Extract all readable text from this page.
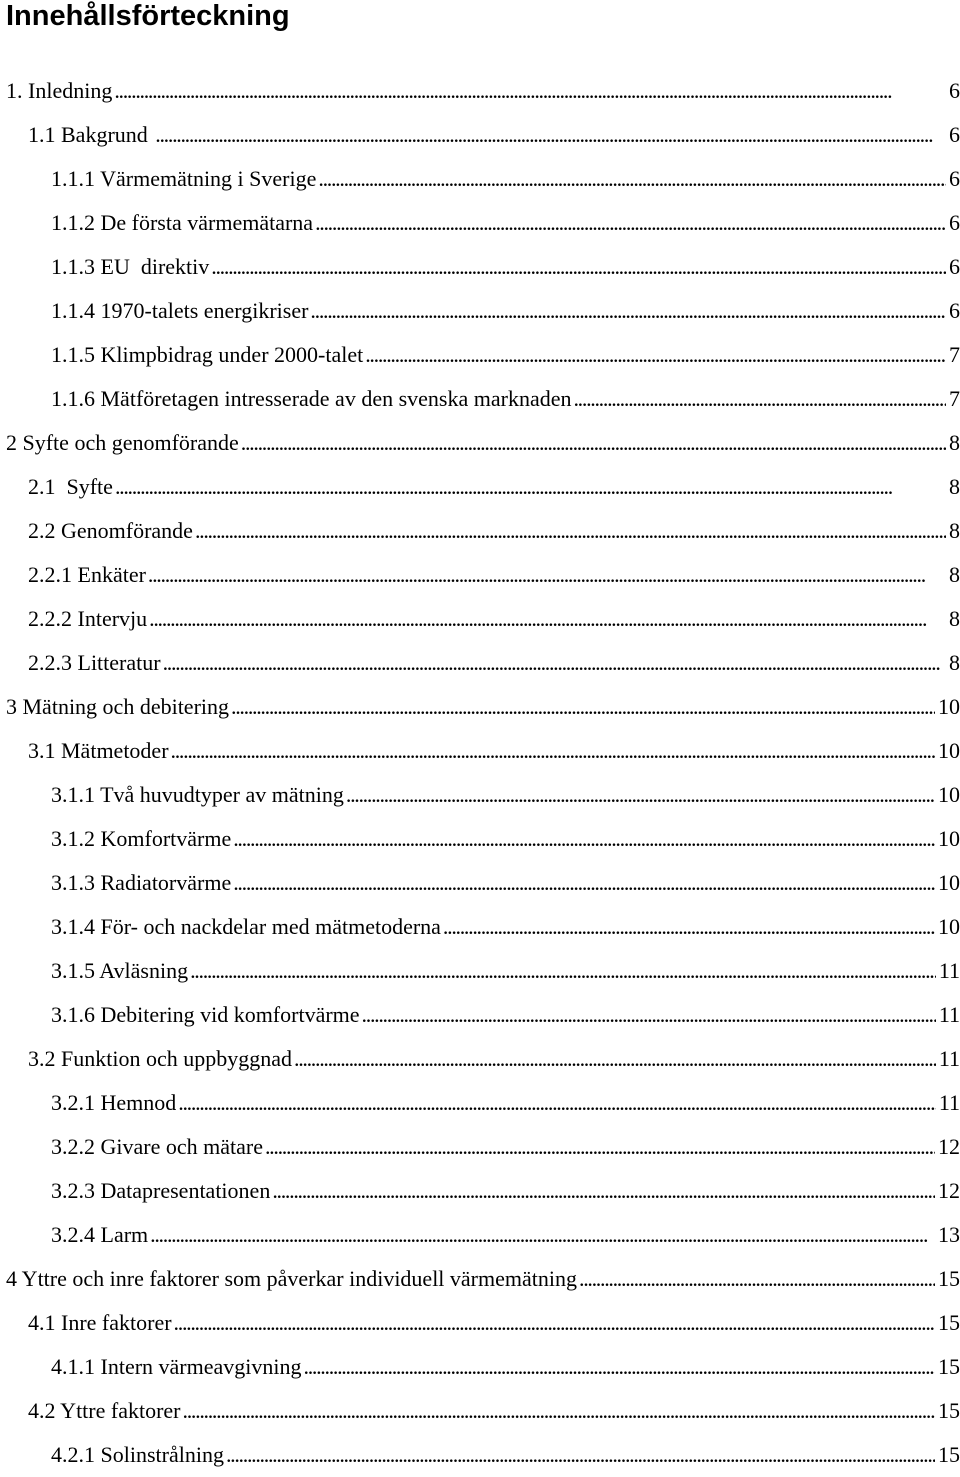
Innehållsförteckning
1. Inledning . . .	6
1.1 Bakgrund . . .	6
1.1.1 Värmemätning i Sverige . . .	6
1.1.2 De första värmemätarna . . .	6
1.1.3 EU  direktiv . . .	6
1.1.4 1970-talets energikriser . . .	6
1.1.5 Klimpbidrag under 2000-talet . . .	7
1.1.6 Mätföretagen intresserade av den svenska marknaden . . .	7
2 Syfte och genomförande . . .	8
2.1  Syfte . . .	8
2.2 Genomförande . . .	8
2.2.1 Enkäter . . .	8
2.2.2 Intervju . . .	8
2.2.3 Litteratur . . .	8
3 Mätning och debitering . . .	10
3.1 Mätmetoder . . .	10
3.1.1 Två huvudtyper av mätning . . .	10
3.1.2 Komfortvärme . . .	10
3.1.3 Radiatorvärme . . .	10
3.1.4 För- och nackdelar med mätmetoderna . . .	10
3.1.5 Avläsning . . .	11
3.1.6 Debitering vid komfortvärme . . .	11
3.2 Funktion och uppbyggnad . . .	11
3.2.1 Hemnod . . .	11
3.2.2 Givare och mätare . . .	12
3.2.3 Datapresentationen . . .	12
3.2.4 Larm . . .	13
4 Yttre och inre faktorer som påverkar individuell värmemätning . . .	15
4.1 Inre faktorer . . .	15
4.1.1 Intern värmeavgivning . . .	15
4.2 Yttre faktorer . . .	15
4.2.1 Solinstrålning . . .	15
